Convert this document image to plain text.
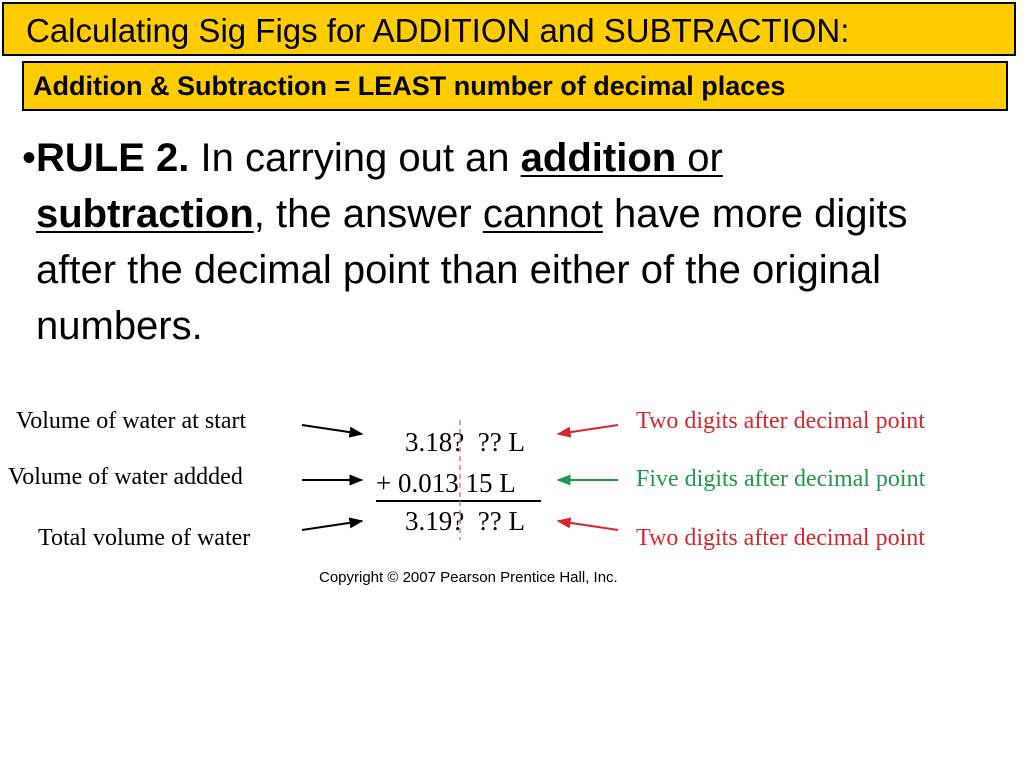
Calculating Sig Figs for ADDITION and SUBTRACTION:
Addition & Subtraction = LEAST number of decimal places
• RULE 2. In carrying out an addition or
subtraction, the answer cannot have more digits after the decimal point than either of the original numbers.
Volume of water at start
Volume of water addded
Total volume of water
3.18?  ?? L
+ 0.013 15 L
3.19?  ?? L
Two digits after decimal point
Five digits after decimal point
Two digits after decimal point
Copyright © 2007 Pearson Prentice Hall, Inc.
